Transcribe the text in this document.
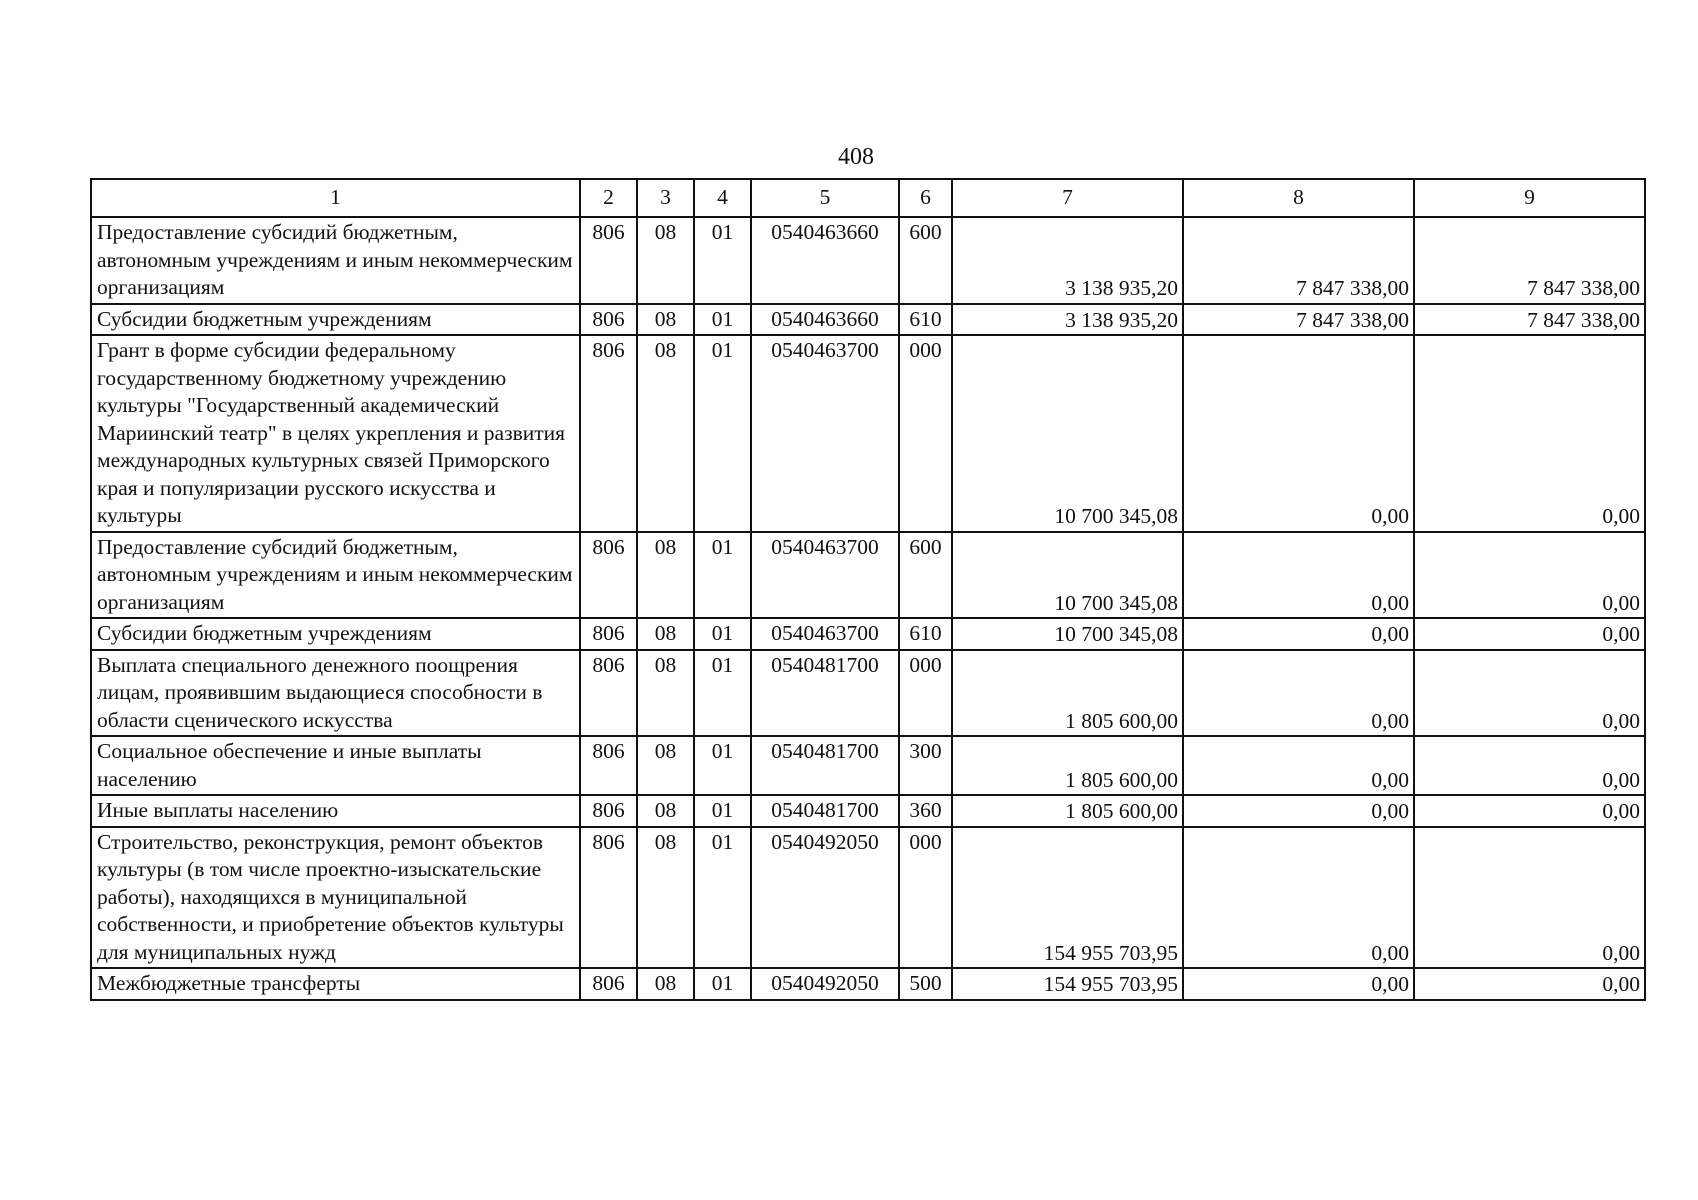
408
1	2	3	4	5	6	7	8	9
Предоставление субсидий бюджетным, автономным учреждениям и иным некоммерческим организациям	806	08	01	0540463660	600	3 138 935,20	7 847 338,00	7 847 338,00
Субсидии бюджетным учреждениям	806	08	01	0540463660	610	3 138 935,20	7 847 338,00	7 847 338,00
Грант в форме субсидии федеральному государственному бюджетному учреждению культуры "Государственный академический Мариинский театр" в целях укрепления и развития международных культурных связей Приморского края и популяризации русского искусства и культуры	806	08	01	0540463700	000	10 700 345,08	0,00	0,00
Предоставление субсидий бюджетным, автономным учреждениям и иным некоммерческим организациям	806	08	01	0540463700	600	10 700 345,08	0,00	0,00
Субсидии бюджетным учреждениям	806	08	01	0540463700	610	10 700 345,08	0,00	0,00
Выплата специального денежного поощрения лицам, проявившим выдающиеся способности в области сценического искусства	806	08	01	0540481700	000	1 805 600,00	0,00	0,00
Социальное обеспечение и иные выплаты населению	806	08	01	0540481700	300	1 805 600,00	0,00	0,00
Иные выплаты населению	806	08	01	0540481700	360	1 805 600,00	0,00	0,00
Строительство, реконструкция, ремонт объектов культуры (в том числе проектно-изыскательские работы), находящихся в муниципальной собственности, и приобретение объектов культуры для муниципальных нужд	806	08	01	0540492050	000	154 955 703,95	0,00	0,00
Межбюджетные трансферты	806	08	01	0540492050	500	154 955 703,95	0,00	0,00
